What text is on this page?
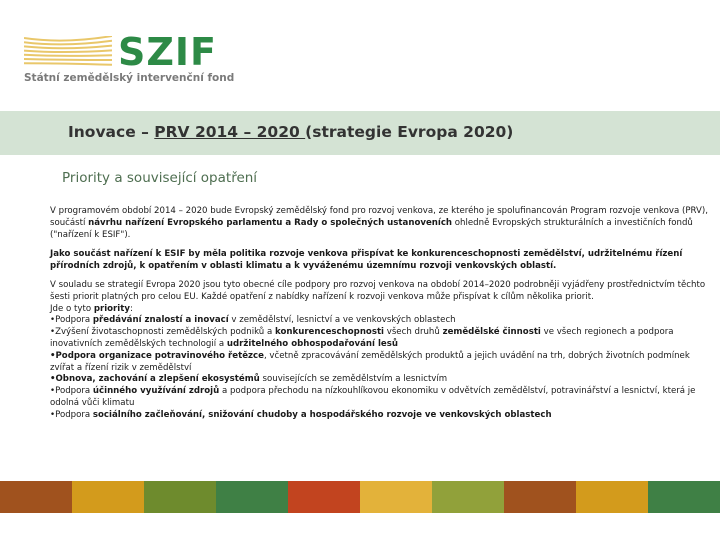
SZIF
Státní zemědělský intervenční fond
Inovace – PRV 2014 – 2020 (strategie Evropa 2020)
Priority a související opatření

V programovém období 2014 – 2020 bude Evropský zemědělský fond pro rozvoj venkova, ze kterého je spolufinancován Program rozvoje venkova (PRV), součástí návrhu nařízení Evropského parlamentu a Rady o společných ustanoveních ohledně Evropských strukturálních a investičních fondů ("nařízení k ESIF").

Jako součást nařízení k ESIF by měla politika rozvoje venkova přispívat ke konkurenceschopnosti zemědělství, udržitelnému řízení přírodních zdrojů, k opatřením v oblasti klimatu a k vyváženému územnímu rozvoji venkovských oblastí.

V souladu se strategií Evropa 2020 jsou tyto obecné cíle podpory pro rozvoj venkova na období 2014–2020 podrobněji vyjádřeny prostřednictvím těchto šesti priorit platných pro celou EU. Každé opatření z nabídky nařízení k rozvoji venkova může přispívat k cílům několika priorit.
Jde o tyto priority:
•Podpora předávání znalostí a inovací v zemědělství, lesnictví a ve venkovských oblastech
•Zvýšení životaschopnosti zemědělských podniků a konkurenceschopnosti všech druhů zemědělské činnosti ve všech regionech a podpora inovativních zemědělských technologií a udržitelného obhospodařování lesů
•Podpora organizace potravinového řetězce, včetně zpracovávání zemědělských produktů a jejich uvádění na trh, dobrých životních podmínek zvířat a řízení rizik v zemědělství
•Obnova, zachování a zlepšení ekosystémů souvisejících se zemědělstvím a lesnictvím
•Podpora účinného využívání zdrojů a podpora přechodu na nízkouhlíkovou ekonomiku v odvětvích zemědělství, potravinářství a lesnictví, která je odolná vůči klimatu
•Podpora sociálního začleňování, snižování chudoby a hospodářského rozvoje ve venkovských oblastech
